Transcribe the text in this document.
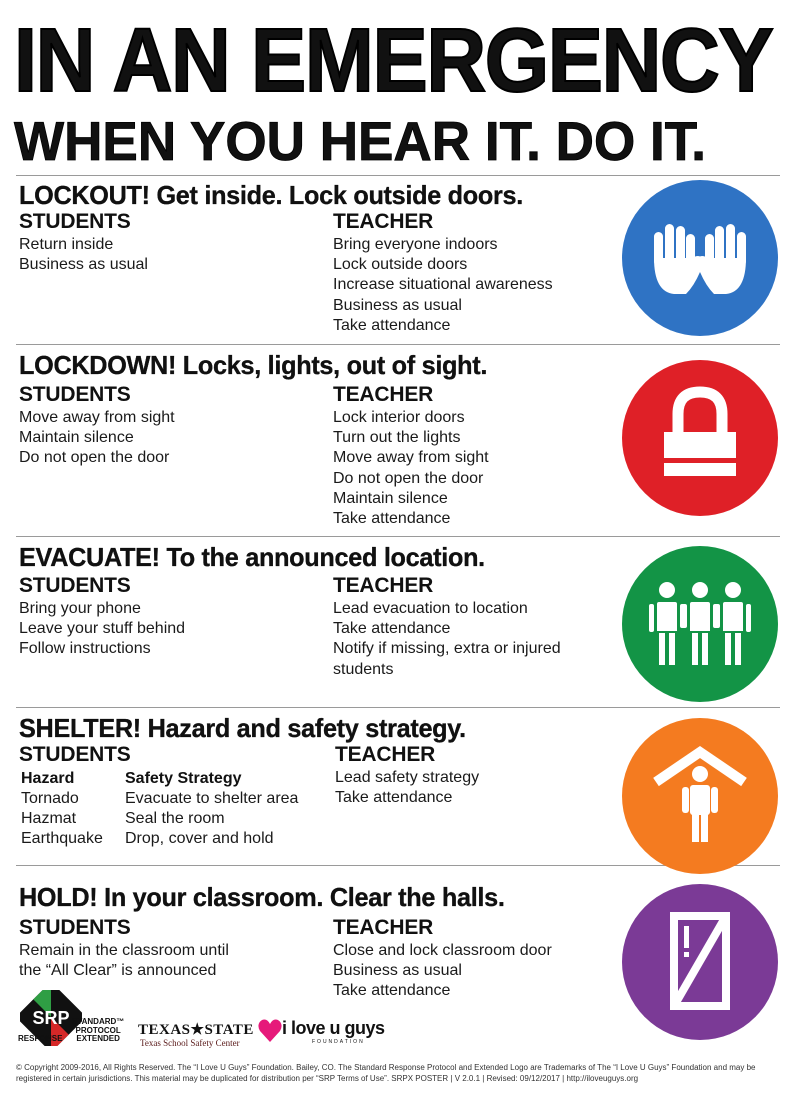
IN AN EMERGENCY
WHEN YOU HEAR IT. DO IT.
LOCKOUT! Get inside. Lock outside doors.
STUDENTS
Return inside
Business as usual
TEACHER
Bring everyone indoors
Lock outside doors
Increase situational awareness
Business as usual
Take attendance
LOCKDOWN! Locks, lights, out of sight.
STUDENTS
Move away from sight
Maintain silence
Do not open the door
TEACHER
Lock interior doors
Turn out the lights
Move away from sight
Do not open the door
Maintain silence
Take attendance
EVACUATE! To the announced location.
STUDENTS
Bring your phone
Leave your stuff behind
Follow instructions
TEACHER
Lead evacuation to location
Take attendance
Notify if missing, extra or injured
students
SHELTER! Hazard and safety strategy.
STUDENTS
Hazard
Tornado
Hazmat
Earthquake
Safety Strategy
Evacuate to shelter area
Seal the room
Drop, cover and hold
TEACHER
Lead safety strategy
Take attendance
HOLD! In your classroom. Clear the halls.
STUDENTS
Remain in the classroom until
the “All Clear” is announced
TEACHER
Close and lock classroom door
Business as usual
Take attendance
SRP
RESPONSE
STANDARD™
PROTOCOL
EXTENDED
TEXAS★STATE
Texas School Safety Center
i love u guys
FOUNDATION
© Copyright 2009-2016, All Rights Reserved. The “I Love U Guys” Foundation. Bailey, CO. The Standard Response Protocol and Extended Logo are Trademarks of The “I Love U Guys” Foundation and may be registered in certain jurisdictions. This material may be duplicated for distribution per “SRP Terms of Use”. SRPX POSTER | V 2.0.1 | Revised: 09/12/2017 | http://iloveuguys.org
